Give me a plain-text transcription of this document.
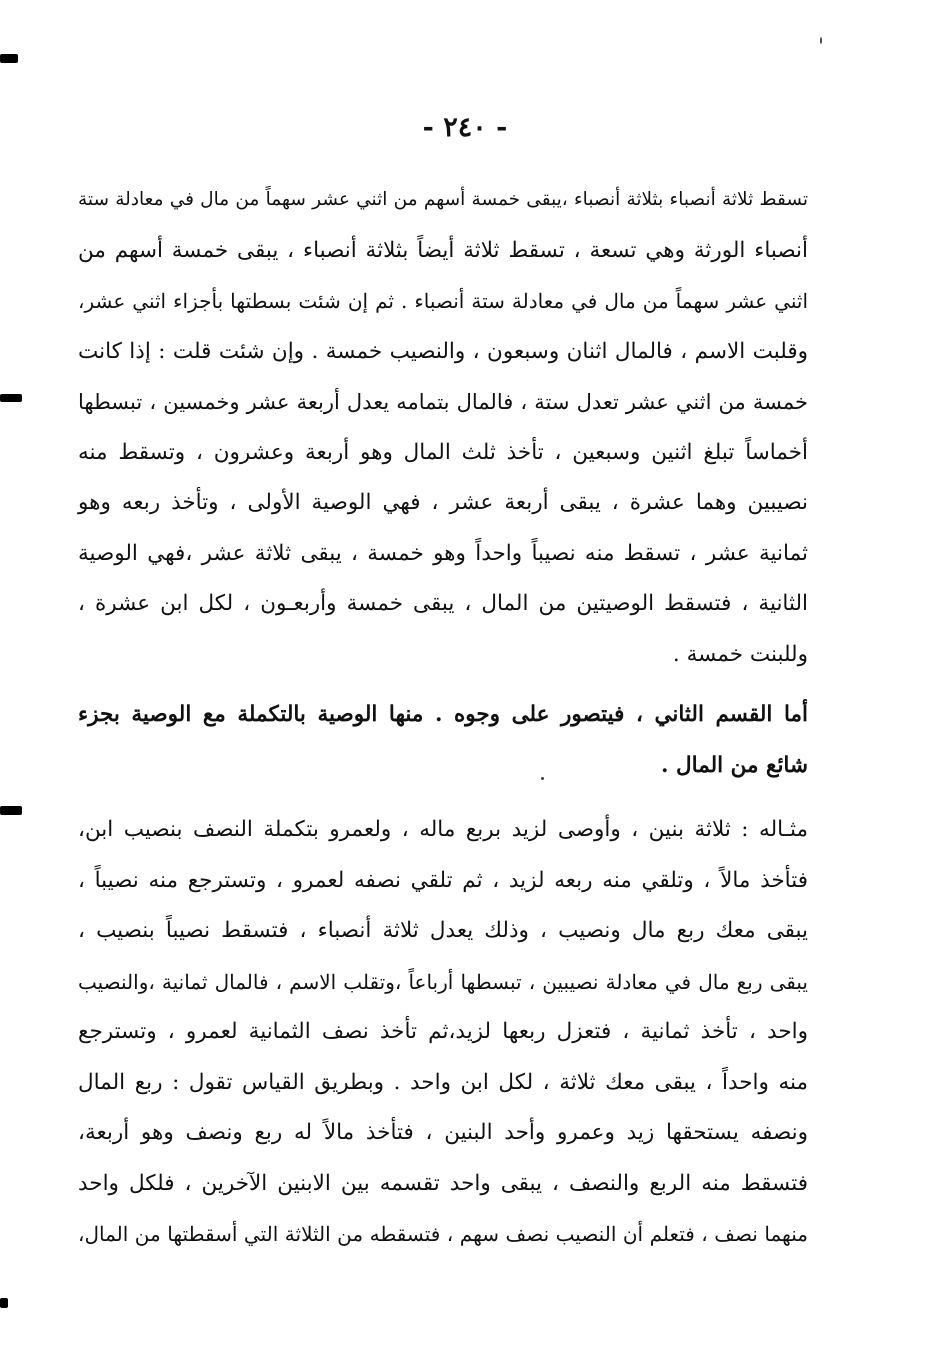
- ٢٤٠ -
تسقط ثلاثة أنصباء بثلاثة أنصباء ،يبقى خمسة أسهم من اثني عشر سهماً من مال في معادلة ستة
أنصباء الورثة وهي تسعة ، تسقط ثلاثة أيضاً بثلاثة أنصباء ، يبقى خمسة أسهم من
اثني عشر سهماً من مال في معادلة ستة أنصباء . ثم إن شئت بسطتها بأجزاء اثني عشر،
وقلبت الاسم ، فالمال اثنان وسبعون ، والنصيب خمسة . وإن شئت قلت : إذا كانت
خمسة من اثني عشر تعدل ستة ، فالمال بتمامه يعدل أربعة عشر وخمسين ، تبسطها
أخماساً تبلغ اثنين وسبعين ، تأخذ ثلث المال وهو أربعة وعشرون ، وتسقط منه
نصيبين وهما عشرة ، يبقى أربعة عشر ، فهي الوصية الأولى ، وتأخذ ربعه وهو
ثمانية عشر ، تسقط منه نصيباً واحداً وهو خمسة ، يبقى ثلاثة عشر ،فهي الوصية
الثانية ، فتسقط الوصيتين من المال ، يبقى خمسة وأربعـون ، لكل ابن عشرة ،
وللبنت خمسة .
أما القسم الثاني ، فيتصور على وجوه . منها الوصية بالتكملة مع الوصية بجزء
شائع من المال .
مثـاله : ثلاثة بنين ، وأوصى لزيد بربع ماله ، ولعمرو بتكملة النصف بنصيب ابن،
فتأخذ مالاً ، وتلقي منه ربعه لزيد ، ثم تلقي نصفه لعمرو ، وتسترجع منه نصيباً ،
يبقى معك ربع مال ونصيب ، وذلك يعدل ثلاثة أنصباء ، فتسقط نصيباً بنصيب ،
يبقى ربع مال في معادلة نصيبين ، تبسطها أرباعاً ،وتقلب الاسم ، فالمال ثمانية ،والنصيب
واحد ، تأخذ ثمانية ، فتعزل ربعها لزيد،ثم تأخذ نصف الثمانية لعمرو ، وتسترجع
منه واحداً ، يبقى معك ثلاثة ، لكل ابن واحد . وبطريق القياس تقول : ربع المال
ونصفه يستحقها زيد وعمرو وأحد البنين ، فتأخذ مالاً له ربع ونصف وهو أربعة،
فتسقط منه الربع والنصف ، يبقى واحد تقسمه بين الابنين الآخرين ، فلكل واحد
منهما نصف ، فتعلم أن النصيب نصف سهم ، فتسقطه من الثلاثة التي أسقطتها من المال،
